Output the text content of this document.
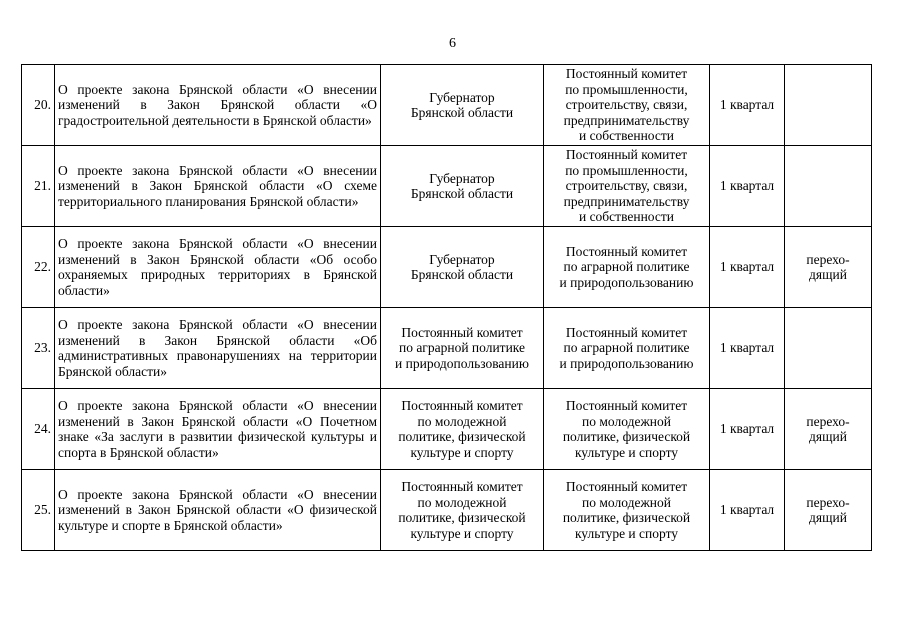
6
20.	О проекте закона Брянской области «О внесении изменений в Закон Брянской области «О градостроительной деятельности в Брянской области»	Губернатор
Брянской области	Постоянный комитет
по промышленности,
строительству, связи,
предпринимательству
и собственности	1 квартал	
21.	О проекте закона Брянской области «О внесении изменений в Закон Брянской области «О схеме территориального планирования Брянской области»	Губернатор
Брянской области	Постоянный комитет
по промышленности,
строительству, связи,
предпринимательству
и собственности	1 квартал	
22.	О проекте закона Брянской области «О внесении изменений в Закон Брянской области «Об особо охраняемых природных территориях в Брянской области»	Губернатор
Брянской области	Постоянный комитет
по аграрной политике
и природопользованию	1 квартал	перехо-
дящий
23.	О проекте закона Брянской области «О внесении изменений в Закон Брянской области «Об административных правонарушениях на территории Брянской области»	Постоянный комитет
по аграрной политике
и природопользованию	Постоянный комитет
по аграрной политике
и природопользованию	1 квартал	
24.	О проекте закона Брянской области «О внесении изменений в Закон Брянской области «О Почетном знаке «За заслуги в развитии физической культуры и спорта в Брянской области»	Постоянный комитет
по молодежной
политике, физической
культуре и спорту	Постоянный комитет
по молодежной
политике, физической
культуре и спорту	1 квартал	перехо-
дящий
25.	О проекте закона Брянской области «О внесении изменений в Закон Брянской области «О физической культуре и спорте в Брянской области»	Постоянный комитет
по молодежной
политике, физической
культуре и спорту	Постоянный комитет
по молодежной
политике, физической
культуре и спорту	1 квартал	перехо-
дящий
